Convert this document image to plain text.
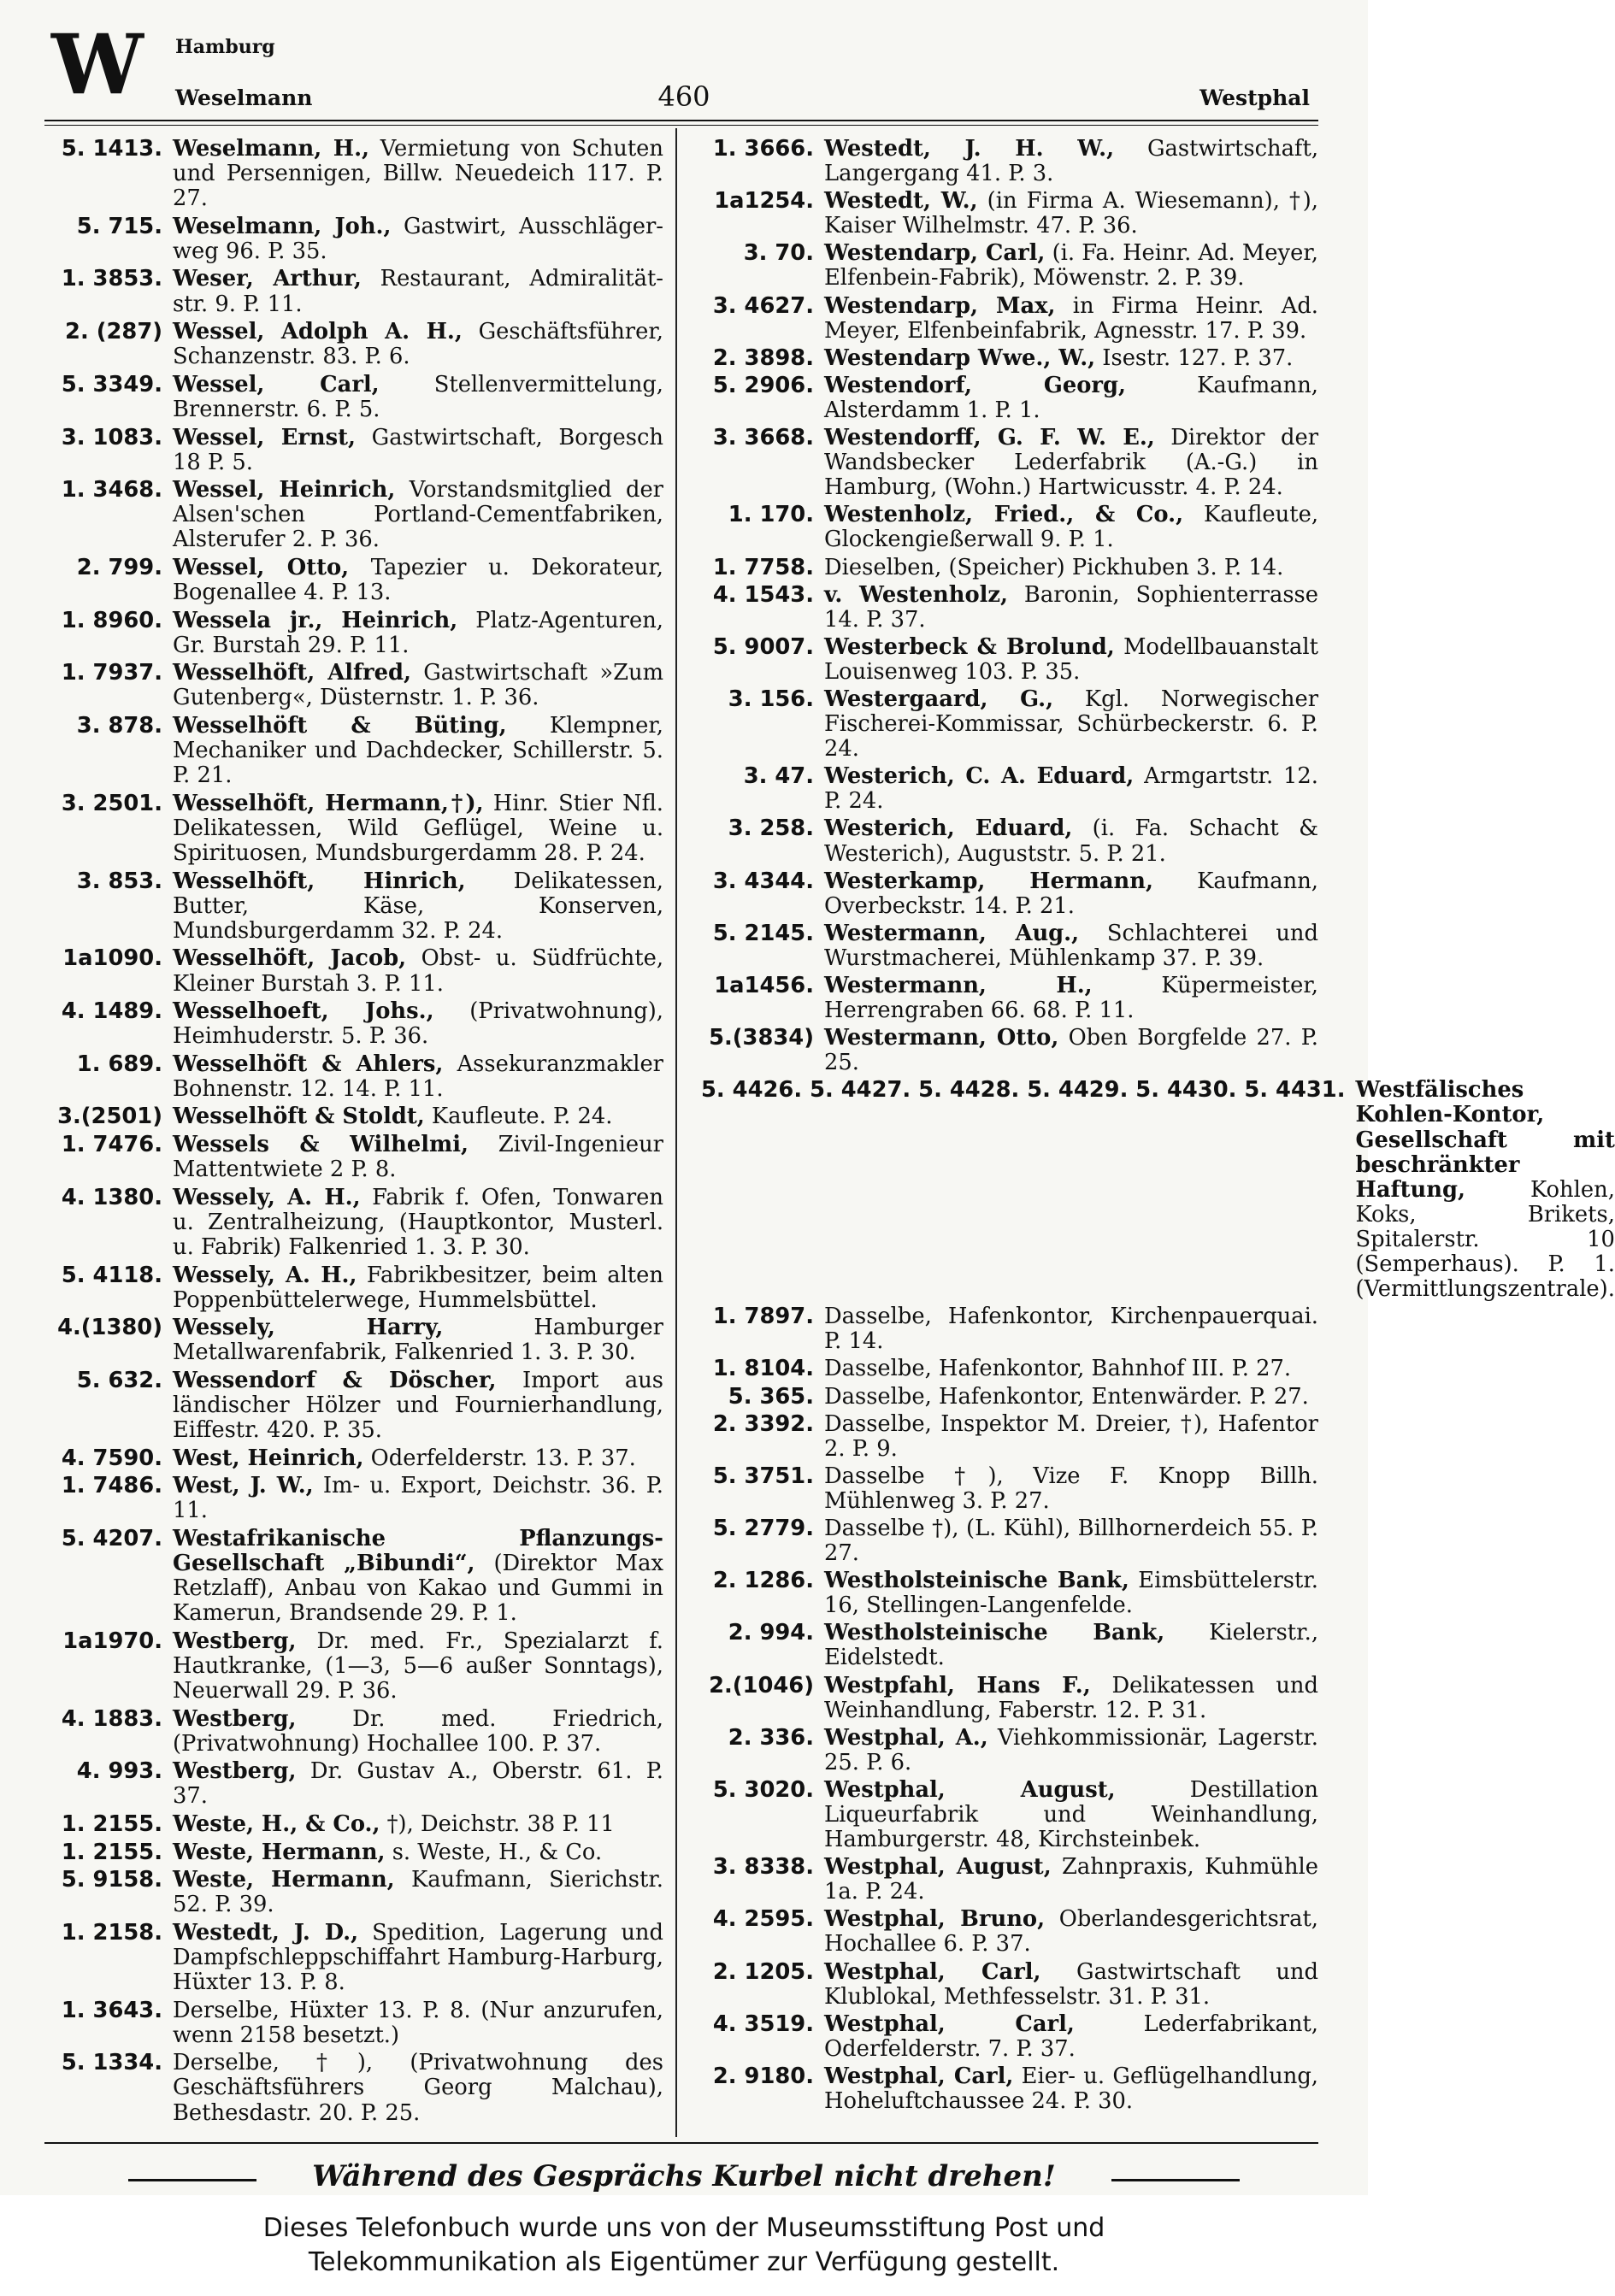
W Hamburg
Weselmann	460	Westphal
5. 1413. Weselmann, H., Vermietung von Schuten und Persennigen, Billw. Neuedeich 117. P. 27.
5. 715. Weselmann, Joh., Gastwirt, Ausschläger-weg 96. P. 35.
1. 3853. Weser, Arthur, Restaurant, Admiralität-str. 9. P. 11.
2. (287) Wessel, Adolph A. H., Geschäftsführer, Schanzenstr. 83. P. 6.
5. 3349. Wessel, Carl, Stellenvermittelung, Brennerstr. 6. P. 5.
3. 1083. Wessel, Ernst, Gastwirtschaft, Borgesch 18 P. 5.
1. 3468. Wessel, Heinrich, Vorstandsmitglied der Alsen'schen Portland-Cementfabriken, Alsterufer 2. P. 36.
2. 799. Wessel, Otto, Tapezier u. Dekorateur, Bogenallee 4. P. 13.
1. 8960. Wessela jr., Heinrich, Platz-Agenturen, Gr. Burstah 29. P. 11.
1. 7937. Wesselhöft, Alfred, Gastwirtschaft »Zum Gutenberg«, Düsternstr. 1. P. 36.
3. 878. Wesselhöft & Büting, Klempner, Mechaniker und Dachdecker, Schillerstr. 5. P. 21.
3. 2501. Wesselhöft, Hermann,†), Hinr. Stier Nfl. Delikatessen, Wild Geflügel, Weine u. Spirituosen, Mundsburgerdamm 28. P. 24.
3. 853. Wesselhöft, Hinrich, Delikatessen, Butter, Käse, Konserven, Mundsburgerdamm 32. P. 24.
1a1090. Wesselhöft, Jacob, Obst- u. Südfrüchte, Kleiner Burstah 3. P. 11.
4. 1489. Wesselhoeft, Johs., (Privatwohnung), Heimhuderstr. 5. P. 36.
1. 689. Wesselhöft & Ahlers, Assekuranzmakler Bohnenstr. 12. 14. P. 11.
3.(2501) Wesselhöft & Stoldt, Kaufleute. P. 24.
1. 7476. Wessels & Wilhelmi, Zivil-Ingenieur Mattentwiete 2 P. 8.
4. 1380. Wessely, A. H., Fabrik f. Ofen, Tonwaren u. Zentralheizung, (Hauptkontor, Musterl. u. Fabrik) Falkenried 1. 3. P. 30.
5. 4118. Wessely, A. H., Fabrikbesitzer, beim alten Poppenbüttelerwege, Hummelsbüttel.
4.(1380) Wessely, Harry, Hamburger Metallwarenfabrik, Falkenried 1. 3. P. 30.
5. 632. Wessendorf & Döscher, Import aus ländischer Hölzer und Fournierhandlung, Eiffestr. 420. P. 35.
4. 7590. West, Heinrich, Oderfelderstr. 13. P. 37.
1. 7486. West, J. W., Im- u. Export, Deichstr. 36. P. 11.
5. 4207. Westafrikanische Pflanzungs-Gesellschaft „Bibundi“, (Direktor Max Retzlaff), Anbau von Kakao und Gummi in Kamerun, Brandsende 29. P. 1.
1a1970. Westberg, Dr. med. Fr., Spezialarzt f. Hautkranke, (1—3, 5—6 außer Sonntags), Neuerwall 29. P. 36.
4. 1883. Westberg, Dr. med. Friedrich, (Privatwohnung) Hochallee 100. P. 37.
4. 993. Westberg, Dr. Gustav A., Oberstr. 61. P. 37.
1. 2155. Weste, H., & Co., †), Deichstr. 38 P. 11
1. 2155. Weste, Hermann, s. Weste, H., & Co.
5. 9158. Weste, Hermann, Kaufmann, Sierichstr. 52. P. 39.
1. 2158. Westedt, J. D., Spedition, Lagerung und Dampfschleppschiffahrt Hamburg-Harburg, Hüxter 13. P. 8.
1. 3643. Derselbe, Hüxter 13. P. 8. (Nur anzurufen, wenn 2158 besetzt.)
5. 1334. Derselbe, †), (Privatwohnung des Geschäftsführers Georg Malchau), Bethesdastr. 20. P. 25.
1. 3666. Westedt, J. H. W., Gastwirtschaft, Langergang 41. P. 3.
1a1254. Westedt, W., (in Firma A. Wiesemann), †), Kaiser Wilhelmstr. 47. P. 36.
3. 70. Westendarp, Carl, (i. Fa. Heinr. Ad. Meyer, Elfenbein-Fabrik), Möwenstr. 2. P. 39.
3. 4627. Westendarp, Max, in Firma Heinr. Ad. Meyer, Elfenbeinfabrik, Agnesstr. 17. P. 39.
2. 3898. Westendarp Wwe., W., Isestr. 127. P. 37.
5. 2906. Westendorf, Georg, Kaufmann, Alsterdamm 1. P. 1.
3. 3668. Westendorff, G. F. W. E., Direktor der Wandsbecker Lederfabrik (A.-G.) in Hamburg, (Wohn.) Hartwicusstr. 4. P. 24.
1. 170. Westenholz, Fried., & Co., Kaufleute, Glockengießerwall 9. P. 1.
1. 7758. Dieselben, (Speicher) Pickhuben 3. P. 14.
4. 1543. v. Westenholz, Baronin, Sophienterrasse 14. P. 37.
5. 9007. Westerbeck & Brolund, Modellbauanstalt Louisenweg 103. P. 35.
3. 156. Westergaard, G., Kgl. Norwegischer Fischerei-Kommissar, Schürbeckerstr. 6. P. 24.
3. 47. Westerich, C. A. Eduard, Armgartstr. 12. P. 24.
3. 258. Westerich, Eduard, (i. Fa. Schacht & Westerich), Auguststr. 5. P. 21.
3. 4344. Westerkamp, Hermann, Kaufmann, Overbeckstr. 14. P. 21.
5. 2145. Westermann, Aug., Schlachterei und Wurstmacherei, Mühlenkamp 37. P. 39.
1a1456. Westermann, H., Küpermeister, Herrengraben 66. 68. P. 11.
5.(3834) Westermann, Otto, Oben Borgfelde 27. P. 25.
5. 4426. 5. 4427. 5. 4428. 5. 4429. 5. 4430. 5. 4431. Westfälisches Kohlen-Kontor, Gesellschaft mit beschränkter Haftung, Kohlen, Koks, Brikets, Spitalerstr. 10 (Semperhaus). P. 1. (Vermittlungszentrale).
1. 7897. Dasselbe, Hafenkontor, Kirchenpauerquai. P. 14.
1. 8104. Dasselbe, Hafenkontor, Bahnhof III. P. 27.
5. 365. Dasselbe, Hafenkontor, Entenwärder. P. 27.
2. 3392. Dasselbe, Inspektor M. Dreier, †), Hafentor 2. P. 9.
5. 3751. Dasselbe †), Vize F. Knopp Billh. Mühlenweg 3. P. 27.
5. 2779. Dasselbe †), (L. Kühl), Billhornerdeich 55. P. 27.
2. 1286. Westholsteinische Bank, Eimsbüttelerstr. 16, Stellingen-Langenfelde.
2. 994. Westholsteinische Bank, Kielerstr., Eidelstedt.
2.(1046) Westpfahl, Hans F., Delikatessen und Weinhandlung, Faberstr. 12. P. 31.
2. 336. Westphal, A., Viehkommissionär, Lagerstr. 25. P. 6.
5. 3020. Westphal, August, Destillation Liqueurfabrik und Weinhandlung, Hamburgerstr. 48, Kirchsteinbek.
3. 8338. Westphal, August, Zahnpraxis, Kuhmühle 1a. P. 24.
4. 2595. Westphal, Bruno, Oberlandesgerichtsrat, Hochallee 6. P. 37.
2. 1205. Westphal, Carl, Gastwirtschaft und Klublokal, Methfesselstr. 31. P. 31.
4. 3519. Westphal, Carl, Lederfabrikant, Oderfelderstr. 7. P. 37.
2. 9180. Westphal, Carl, Eier- u. Geflügelhandlung, Hoheluftchaussee 24. P. 30.
Während des Gesprächs Kurbel nicht drehen!
Dieses Telefonbuch wurde uns von der Museumsstiftung Post und
Telekommunikation als Eigentümer zur Verfügung gestellt.
